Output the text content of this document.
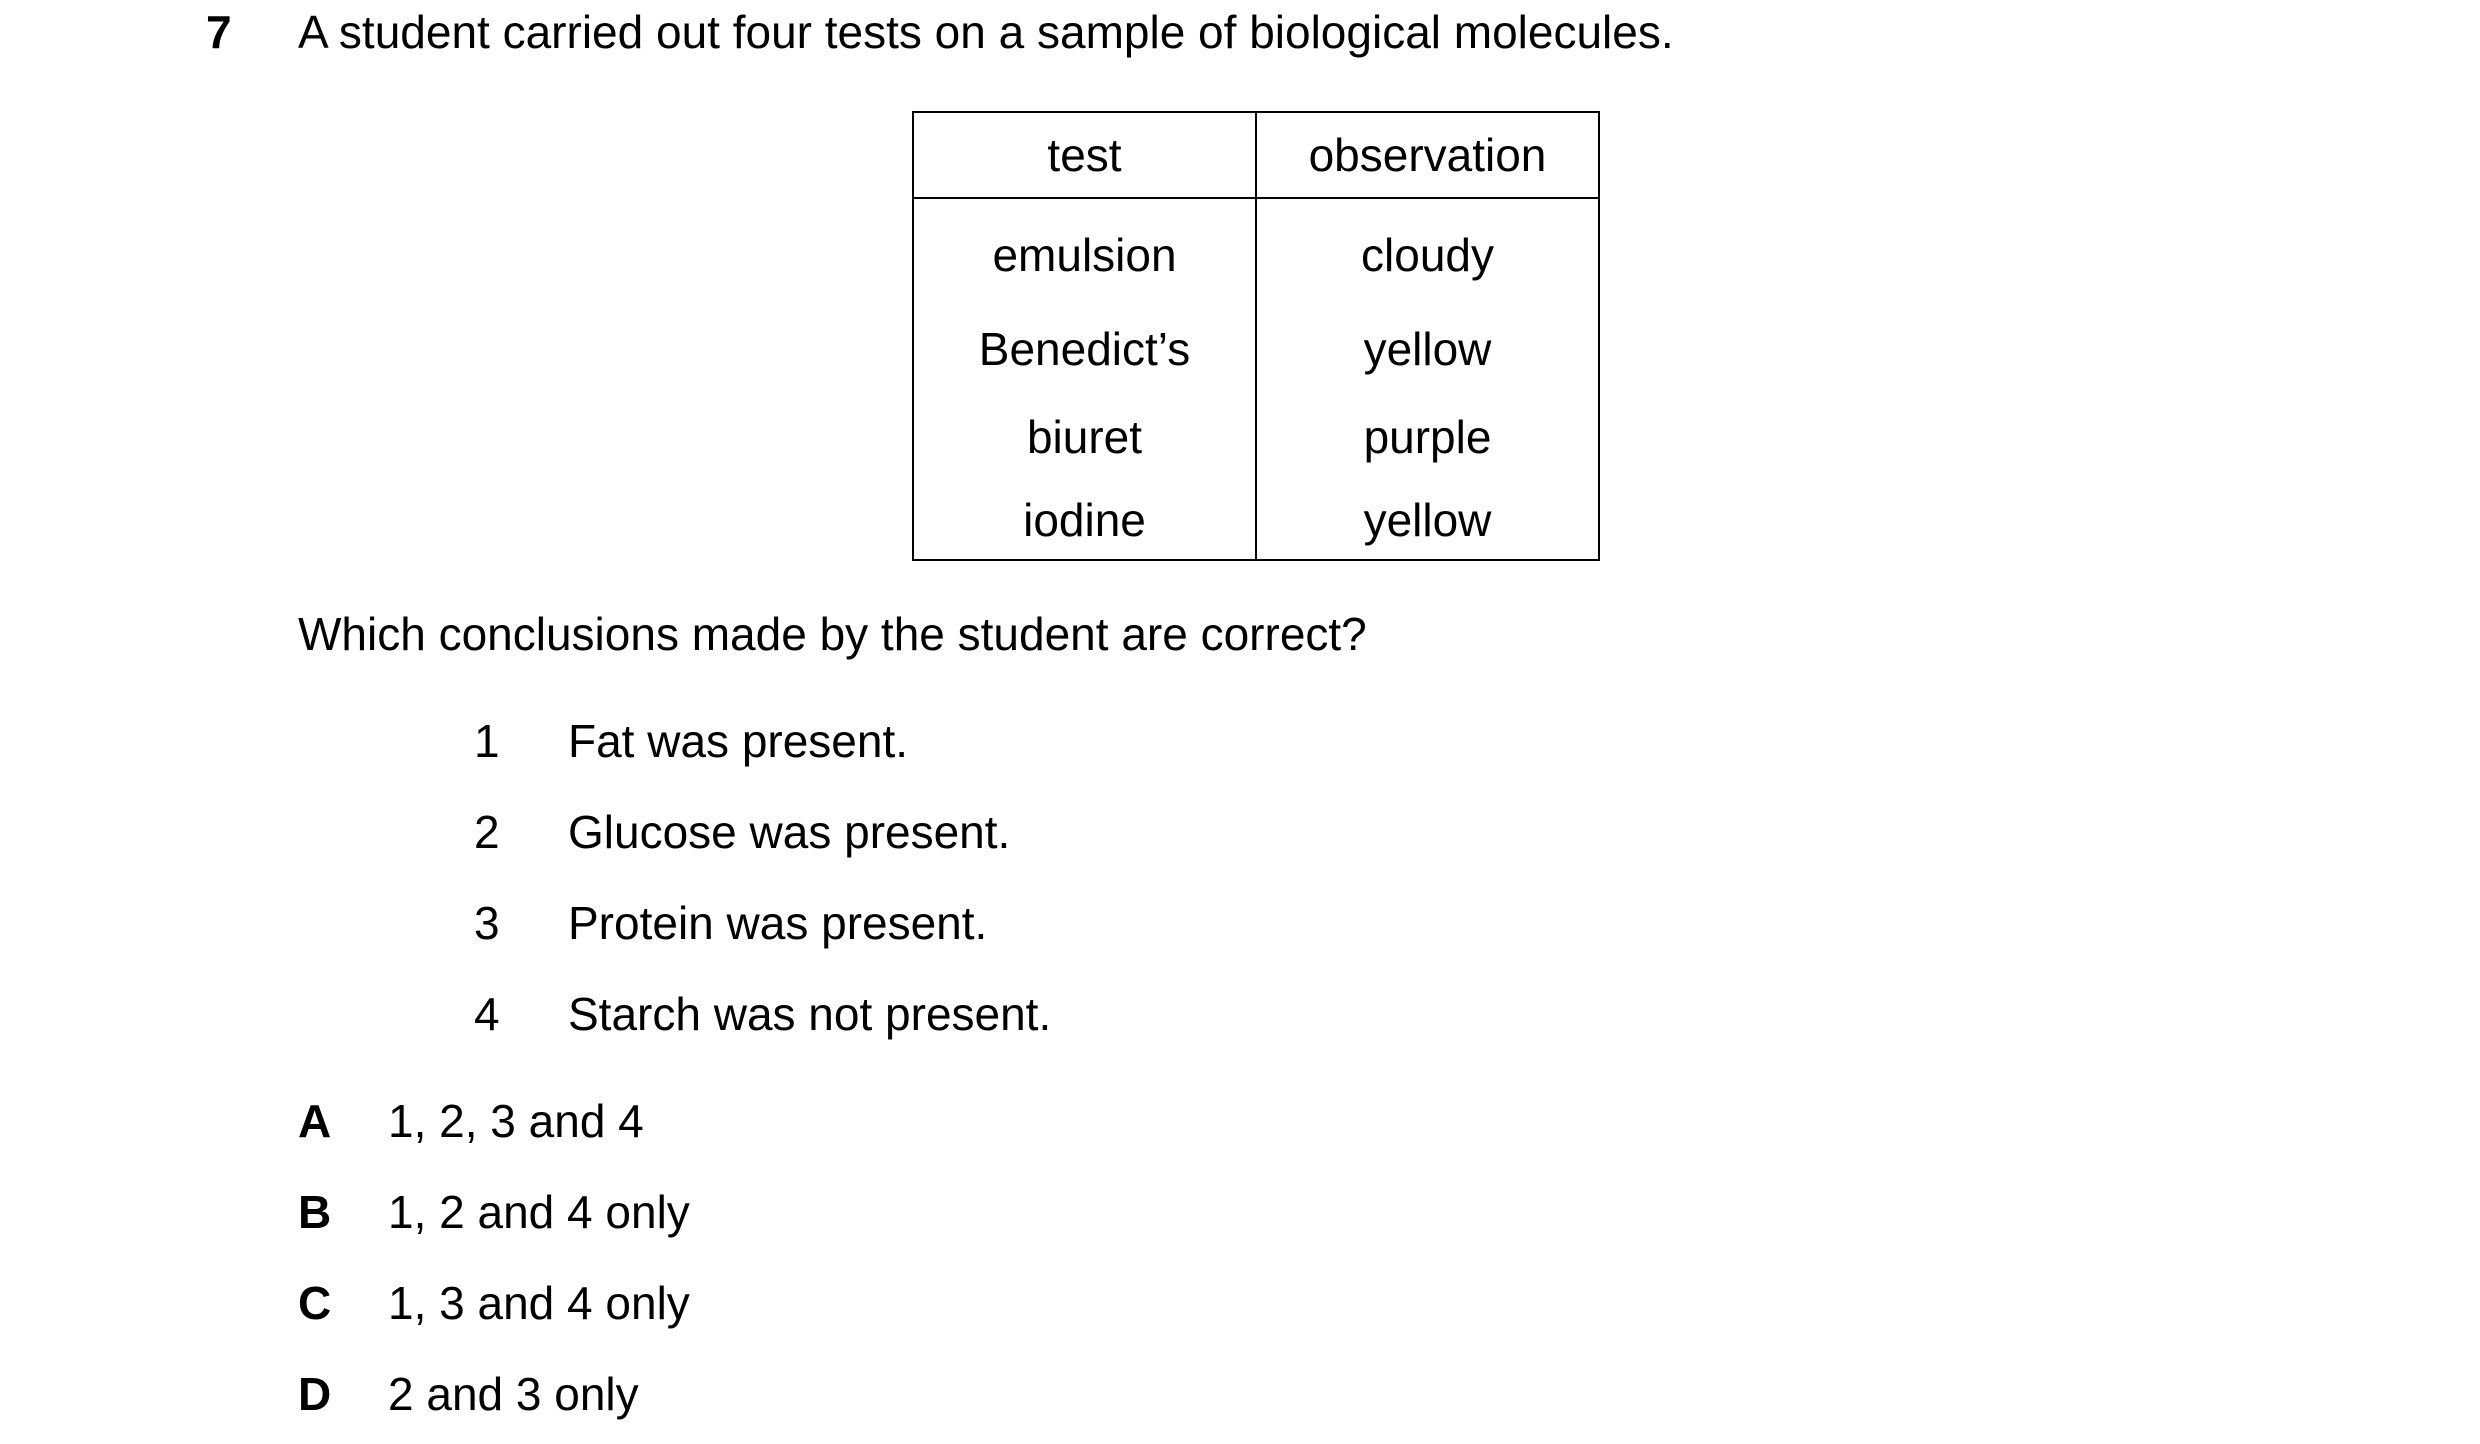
7 A student carried out four tests on a sample of biological molecules.
test	observation
emulsion	cloudy
Benedict’s	yellow
biuret	purple
iodine	yellow
Which conclusions made by the student are correct?
1 Fat was present.
2 Glucose was present.
3 Protein was present.
4 Starch was not present.
A 1, 2, 3 and 4
B 1, 2 and 4 only
C 1, 3 and 4 only
D 2 and 3 only
